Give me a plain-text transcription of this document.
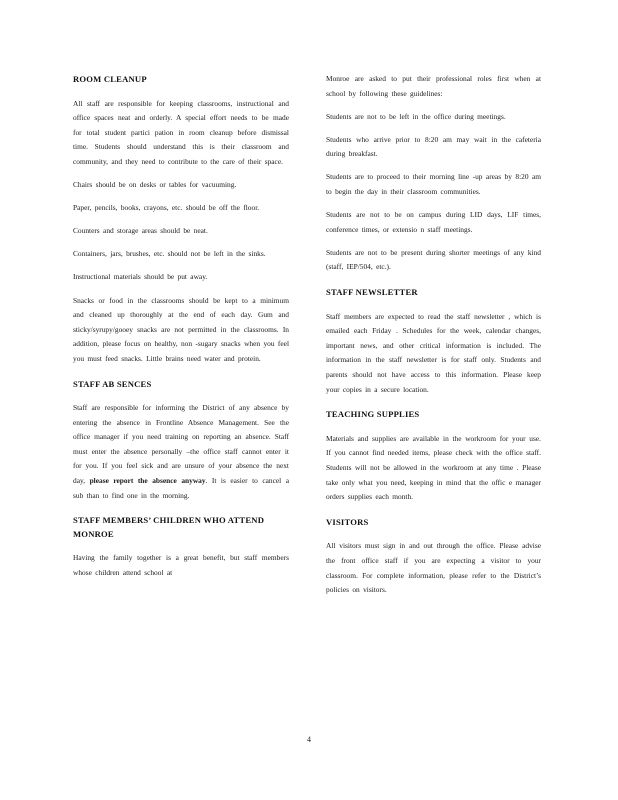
ROOM CLEANUP
All staff are responsible for keeping classrooms, instructional and office spaces neat and orderly. A special effort needs to be made for total student partici pation in room cleanup before dismissal time. Students should understand this is their classroom and community, and they need to contribute to the care of their space.
Chairs should be on desks or tables for vacuuming.
Paper, pencils, books, crayons, etc. should be off the floor.
Counters and storage areas should be neat.
Containers, jars, brushes, etc. should not be left in the sinks.
Instructional materials should be put away.
Snacks or food in the classrooms should be kept to a minimum and cleaned up thoroughly at the end of each day. Gum and sticky/syrupy/gooey snacks are not permitted in the classrooms. In addition, please focus on healthy, non -sugary snacks when you feel you must feed snacks. Little brains need water and protein.
STAFF AB SENCES
Staff are responsible for informing the District of any absence by entering the absence in Frontline Absence Management. See the office manager if you need training on reporting an absence. Staff must enter the absence personally –the office staff cannot enter it for you. If you feel sick and are unsure of your absence the next day, please report the absence anyway. It is easier to cancel a sub than to find one in the morning.
STAFF MEMBERS’ CHILDREN WHO ATTEND MONROE
Having the family together is a great benefit, but staff members whose children attend school at
Monroe are asked to put their professional roles first when at school by following these guidelines:
Students are not to be left in the office during meetings.
Students who arrive prior to 8:20 am may wait in the cafeteria during breakfast.
Students are to proceed to their morning line -up areas by 8:20 am to begin the day in their classroom communities.
Students are not to be on campus during LID days, LIF times, conference times, or extensio n staff meetings.
Students are not to be present during shorter meetings of any kind (staff, IEP/504, etc.).
STAFF NEWSLETTER
Staff members are expected to read the staff newsletter , which is emailed each Friday . Schedules for the week, calendar changes, important news, and other critical information is included. The information in the staff newsletter is for staff only. Students and parents should not have access to this information. Please keep your copies in a secure location.
TEACHING SUPPLIES
Materials and supplies are available in the workroom for your use. If you cannot find needed items, please check with the office staff. Students will not be allowed in the workroom at any time . Please take only what you need, keeping in mind that the offic e manager orders supplies each month.
VISITORS
All visitors must sign in and out through the office. Please advise the front office staff if you are expecting a visitor to your classroom. For complete information, please refer to the District’s policies on visitors.
4
